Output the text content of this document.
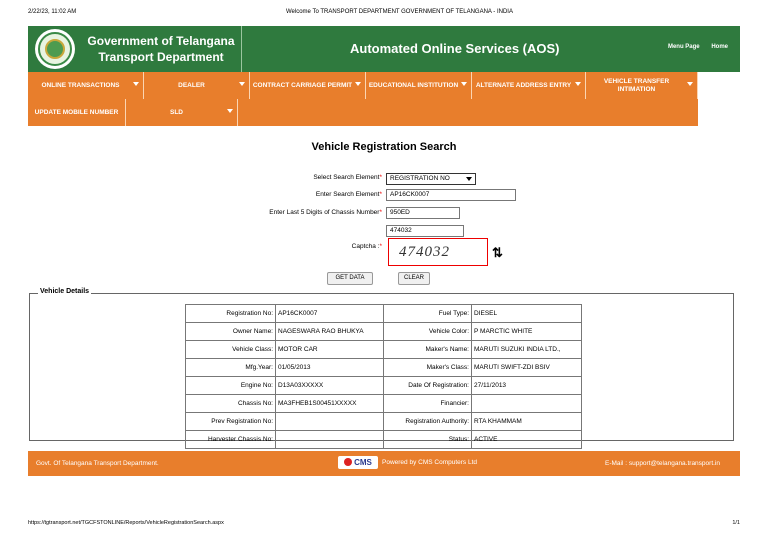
2/22/23, 11:02 AM	Welcome To TRANSPORT DEPARTMENT GOVERNMENT OF TELANGANA - INDIA
Government of Telangana
Transport Department
Automated Online Services (AOS)	Menu Page Home
ONLINE TRANSACTIONS	DEALER	CONTRACT CARRIAGE PERMIT	EDUCATIONAL INSTITUTION	ALTERNATE ADDRESS ENTRY
VEHICLE TRANSFER INTIMATION
UPDATE MOBILE NUMBER	SLD
Vehicle Registration Search
Select Search Element*	REGISTRATION NO
Enter Search Element*	AP16CK0007
Enter Last 5 Digits of Chassis Number*	950ED
474032
Captcha :*	474032	⇅
GET DATA	CLEAR
Vehicle Details
Registration No:	AP16CK0007	Fuel Type:	DIESEL
Owner Name:	NAGESWARA RAO BHUKYA	Vehicle Color:	P MARCTIC WHITE
Vehicle Class:	MOTOR CAR	Maker's Name:	MARUTI SUZUKI INDIA LTD.,
Mfg.Year:	01/05/2013	Maker's Class:	MARUTI SWIFT-ZDI BSIV
Engine No:	D13A03XXXXX	Date Of Registration:	27/11/2013
Chassis No:	MA3FHEB1S00451XXXXX	Financier:	
Prev Registration No:		Registration Authority:	RTA KHAMMAM
Harvester Chassis No:		Status:	ACTIVE
Govt. Of Telangana Transport Department.	CMS	Powered by CMS Computers Ltd	E-Mail : support@telangana.transport.in
https://tgtransport.net/TGCFSTONLINE/Reports/VehicleRegistrationSearch.aspx	1/1
